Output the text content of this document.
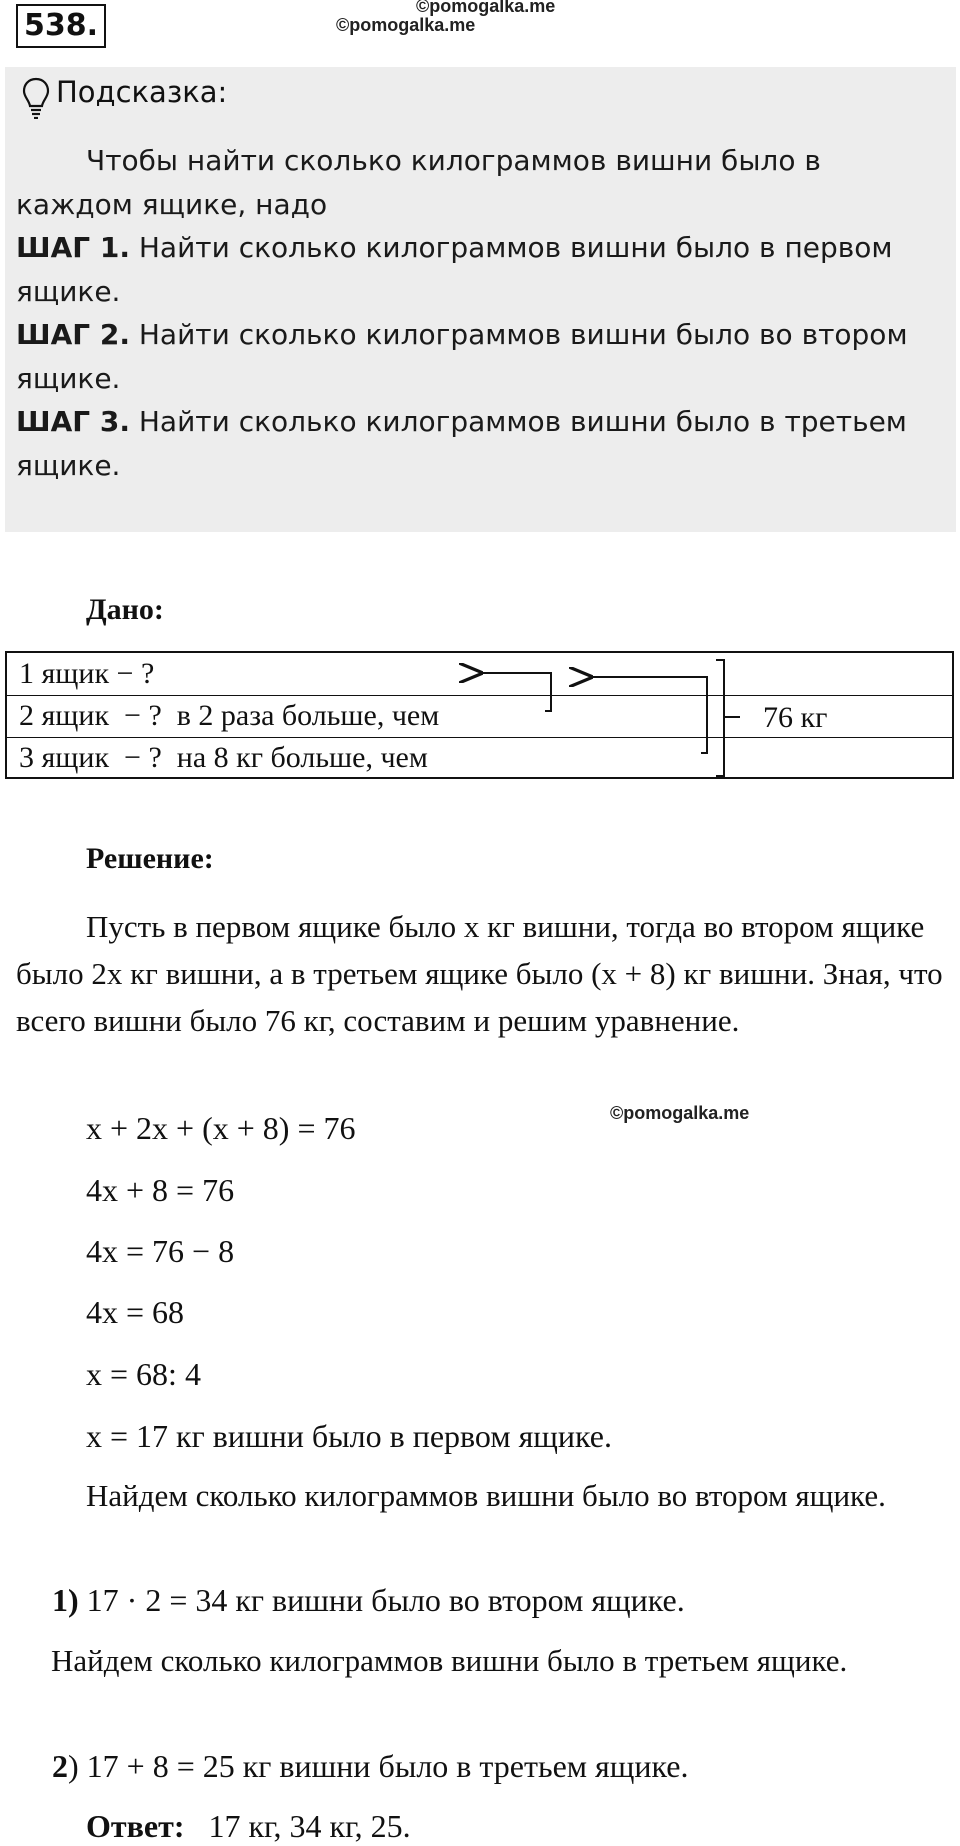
538.
©pomogalka.me
©pomogalka.me
Подсказка:
Чтобы найти сколько килограммов вишни было в каждом ящике, надо
ШАГ 1. Найти сколько килограммов вишни было в первом ящике.
ШАГ 2. Найти сколько килограммов вишни было во втором ящике.
ШАГ 3. Найти сколько килограммов вишни было в третьем ящике.
Дано:
1 ящик − ?
2 ящик  − ?  в 2 раза больше, чем
3 ящик  − ?  на 8 кг больше, чем
76 кг
Решение:
Пусть в первом ящике было x кг вишни, тогда во втором ящике было 2x кг вишни, а в третьем ящике было (x + 8) кг вишни. Зная, что всего вишни было 76 кг, составим и решим уравнение.
©pomogalka.me
x + 2x + (x + 8) = 76
4x + 8 = 76
4x = 76 − 8
4x = 68
x = 68: 4
x = 17 кг вишни было в первом ящике.
Найдем сколько килограммов вишни было во втором ящике.
1) 17 · 2 = 34 кг вишни было во втором ящике.
Найдем сколько килограммов вишни было в третьем ящике.
2) 17 + 8 = 25 кг вишни было в третьем ящике.
Ответ: 17 кг, 34 кг, 25.
